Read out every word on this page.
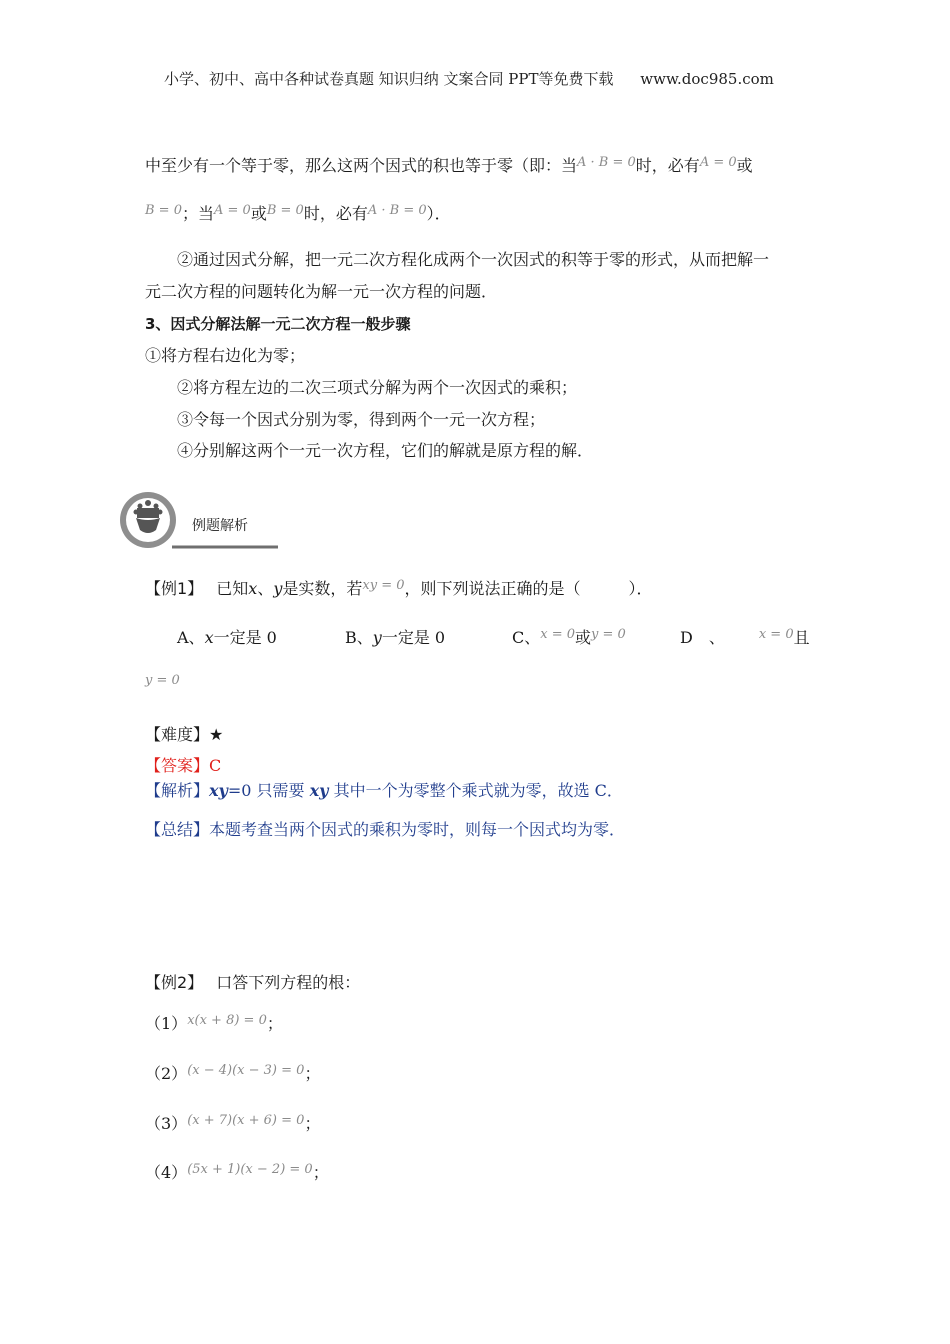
小学、初中、高中各种试卷真题 知识归纳 文案合同 PPT等免费下载 www.doc985.com
中至少有一个等于零，那么这两个因式的积也等于零（即：当$^{A \cdot B = 0}$时，必有$^{A = 0}$或
$^{B = 0}$；当$^{A = 0}$或$^{B = 0}$时，必有$^{A \cdot B = 0}$）．
②通过因式分解，把一元二次方程化成两个一次因式的积等于零的形式，从而把解一
元二次方程的问题转化为解一元一次方程的问题．
3、因式分解法解一元二次方程一般步骤
①将方程右边化为零；
②将方程左边的二次三项式分解为两个一次因式的乘积；
③令每一个因式分别为零，得到两个一元一次方程；
④分别解这两个一元一次方程，它们的解就是原方程的解．
例题解析
【例1】 已知x、y是实数，若$^{xy = 0}$，则下列说法正确的是（　　　）．
A、x一定是 0	B、y一定是 0	C、$^{x = 0}$或$^{y = 0}$	D　、	$^{x = 0}$且
$^{y = 0}$
【难度】★
【答案】C
【解析】xy=0 只需要 xy 其中一个为零整个乘式就为零，故选 C．
【总结】本题考查当两个因式的乘积为零时，则每一个因式均为零．
【例2】 口答下列方程的根：
$(1)^{x(x + 8) = 0}$；
$(2)^{(x - 4)(x - 3) = 0}$；
$(3)^{(x + 7)(x + 6) = 0}$；
$(4)^{(5x + 1)(x - 2) = 0}$；
